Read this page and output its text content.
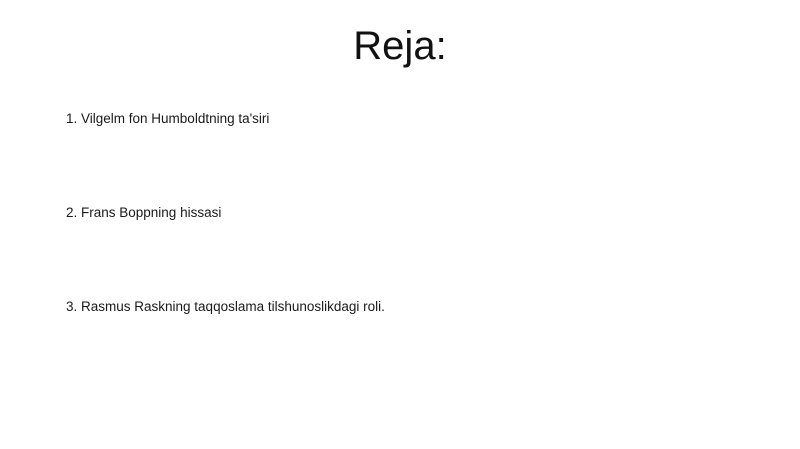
Reja:
1. Vilgelm fon Humboldtning ta'siri
2. Frans Boppning hissasi
3. Rasmus Raskning taqqoslama tilshunoslikdagi roli.
